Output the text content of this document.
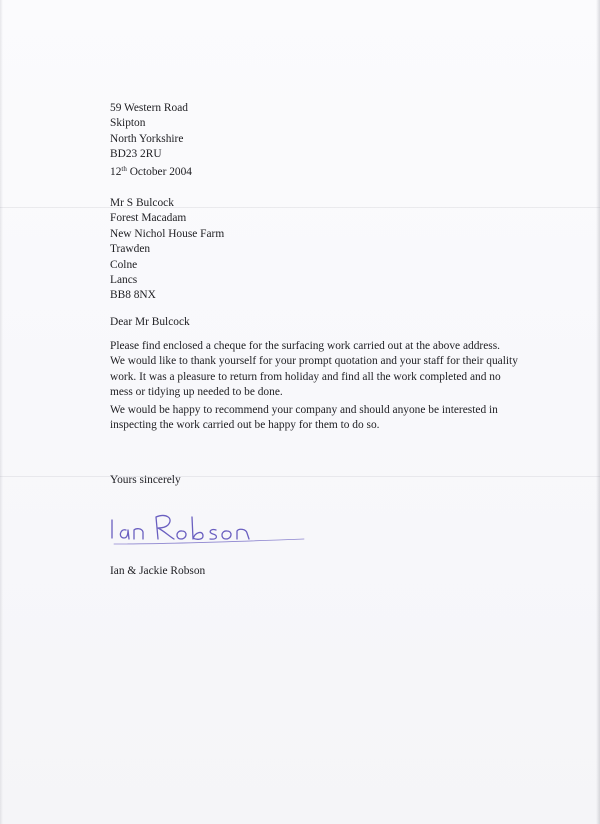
59 Western Road
Skipton
North Yorkshire
BD23 2RU
12th October 2004
Mr S Bulcock
Forest Macadam
New Nichol House Farm
Trawden
Colne
Lancs
BB8 8NX
Dear Mr Bulcock
Please find enclosed a cheque for the surfacing work carried out at the above address.
We would like to thank yourself for your prompt quotation and your staff for their quality
work. It was a pleasure to return from holiday and find all the work completed and no
mess or tidying up needed to be done.
We would be happy to recommend your company and should anyone be interested in
inspecting the work carried out be happy for them to do so.
Yours sincerely
Ian & Jackie Robson
